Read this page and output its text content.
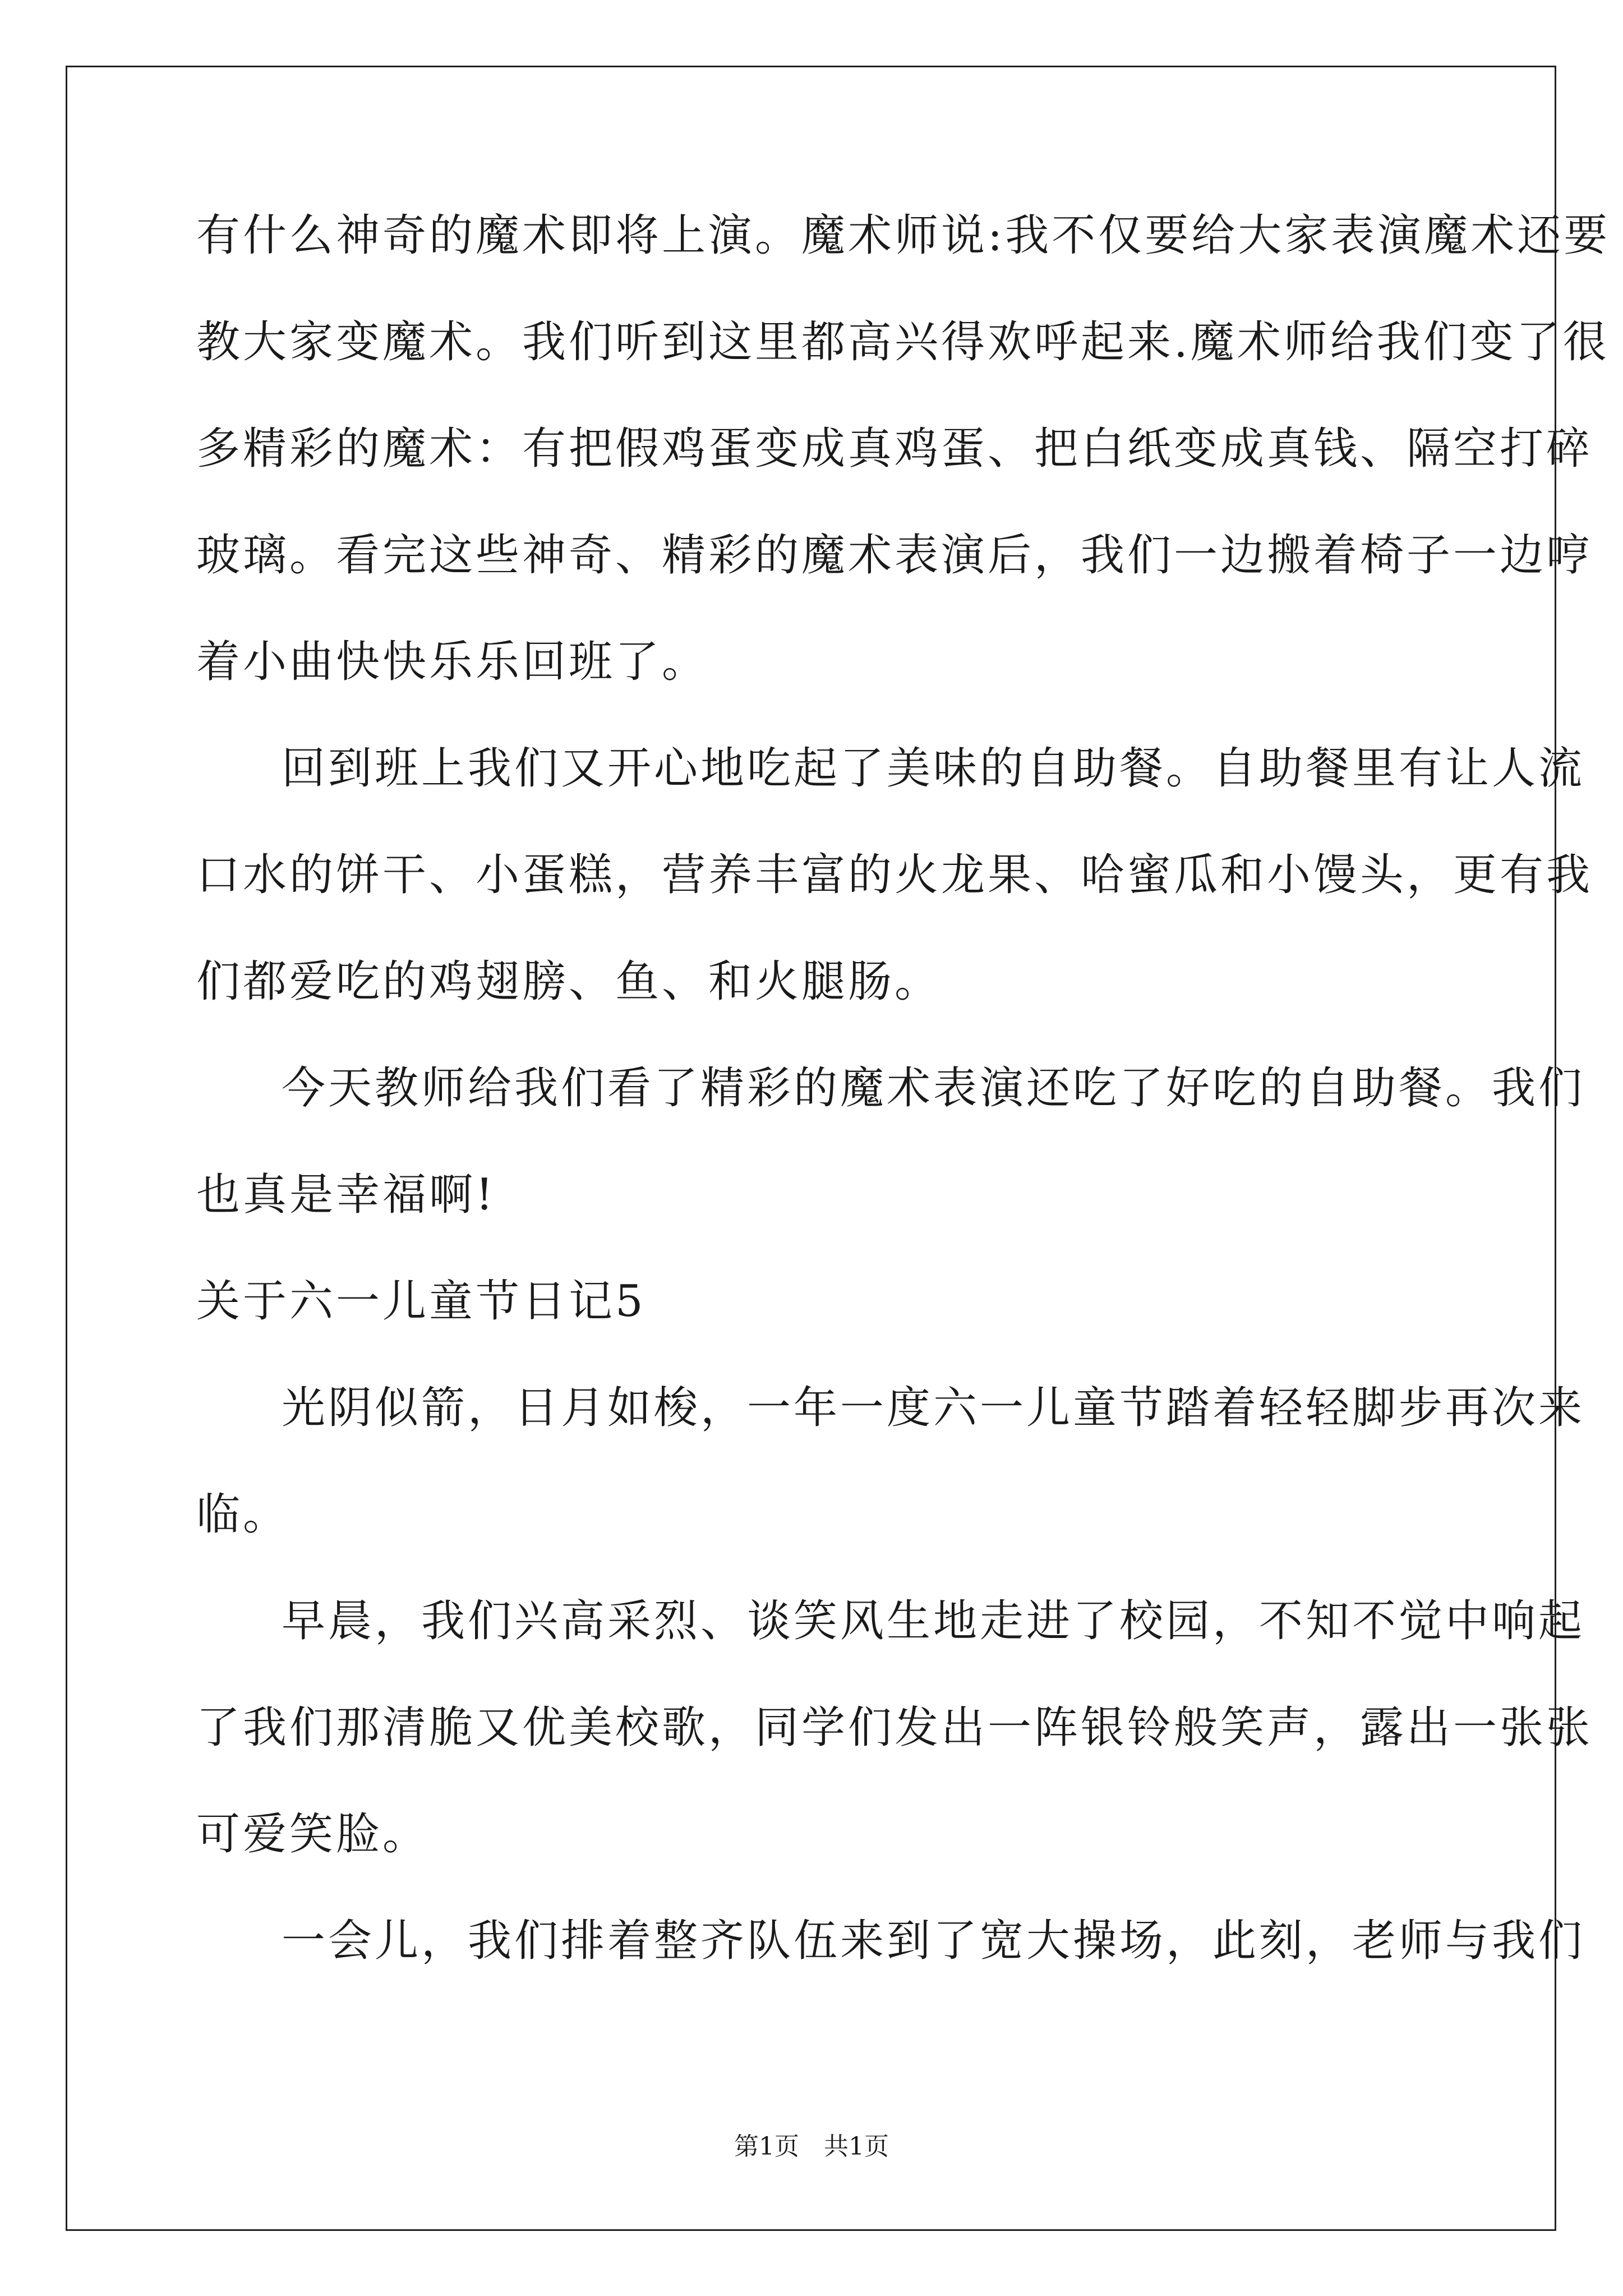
有什么神奇的魔术即将上演。魔术师说:我不仅要给大家表演魔术还要
教大家变魔术。我们听到这里都高兴得欢呼起来.魔术师给我们变了很
多精彩的魔术：有把假鸡蛋变成真鸡蛋、把白纸变成真钱、隔空打碎
玻璃。看完这些神奇、精彩的魔术表演后，我们一边搬着椅子一边哼
着小曲快快乐乐回班了。
回到班上我们又开心地吃起了美味的自助餐。自助餐里有让人流
口水的饼干、小蛋糕，营养丰富的火龙果、哈蜜瓜和小馒头，更有我
们都爱吃的鸡翅膀、鱼、和火腿肠。
今天教师给我们看了精彩的魔术表演还吃了好吃的自助餐。我们
也真是幸福啊!
关于六一儿童节日记5
光阴似箭，日月如梭，一年一度六一儿童节踏着轻轻脚步再次来
临。
早晨，我们兴高采烈、谈笑风生地走进了校园，不知不觉中响起
了我们那清脆又优美校歌，同学们发出一阵银铃般笑声，露出一张张
可爱笑脸。
一会儿，我们排着整齐队伍来到了宽大操场，此刻，老师与我们
第1页　共1页
